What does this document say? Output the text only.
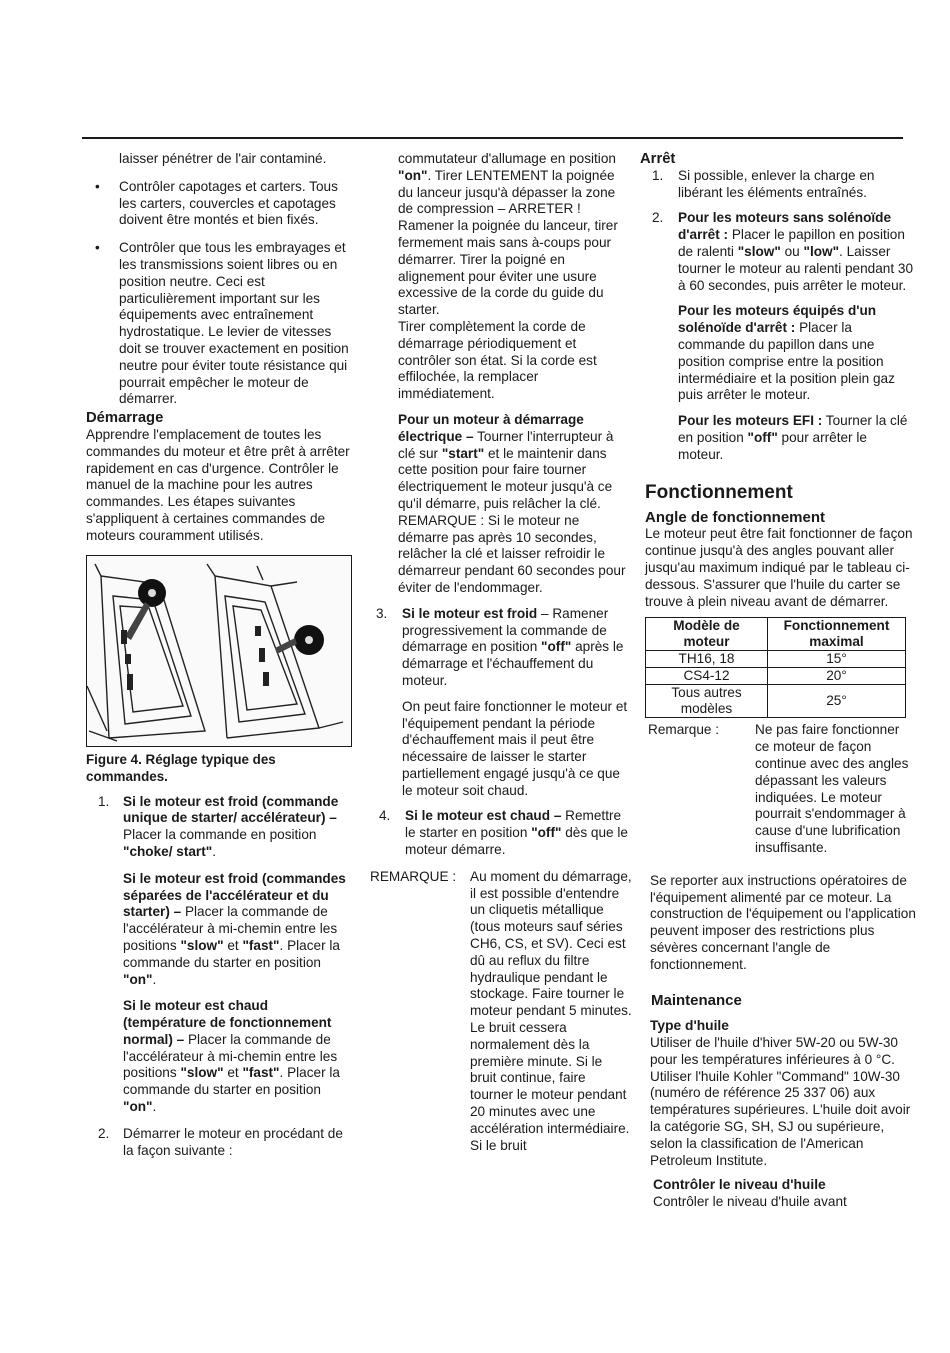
laisser pénétrer de l'air contaminé.

• Contrôler capotages et carters. Tous les carters, couvercles et capotages doivent être montés et bien fixés.
• Contrôler que tous les embrayages et les transmissions soient libres ou en position neutre. Ceci est particulièrement important sur les équipements avec entraînement hydrostatique. Le levier de vitesses doit se trouver exactement en position neutre pour éviter toute résistance qui pourrait empêcher le moteur de démarrer.

Démarrage

Apprendre l'emplacement de toutes les commandes du moteur et être prêt à arrêter rapidement en cas d'urgence. Contrôler le manuel de la machine pour les autres commandes. Les étapes suivantes s'appliquent à certaines commandes de moteurs couramment utilisés.

Figure 4. Réglage typique des commandes.

1. Si le moteur est froid (commande unique de starter/ accélérateur) – Placer la commande en position "choke/ start".

Si le moteur est froid (commandes séparées de l'accélérateur et du starter) – Placer la commande de l'accélérateur à mi-chemin entre les positions "slow" et "fast". Placer la commande du starter en position "on".

Si le moteur est chaud (température de fonctionnement normal) – Placer la commande de l'accélérateur à mi-chemin entre les positions "slow" et "fast". Placer la commande du starter en position "on".

2. Démarrer le moteur en procédant de la façon suivante :

commutateur d'allumage en position "on". Tirer LENTEMENT la poignée du lanceur jusqu'à dépasser la zone de compression – ARRETER ! Ramener la poignée du lanceur, tirer fermement mais sans à-coups pour démarrer. Tirer la poigné en alignement pour éviter une usure excessive de la corde du guide du starter.

Tirer complètement la corde de démarrage périodiquement et contrôler son état. Si la corde est effilochée, la remplacer immédiatement.

Pour un moteur à démarrage électrique – Tourner l'interrupteur à clé sur "start" et le maintenir dans cette position pour faire tourner électriquement le moteur jusqu'à ce qu'il démarre, puis relâcher la clé. REMARQUE : Si le moteur ne démarre pas après 10 secondes, relâcher la clé et laisser refroidir le démarreur pendant 60 secondes pour éviter de l'endommager.

3. Si le moteur est froid – Ramener progressivement la commande de démarrage en position "off" après le démarrage et l'échauffement du moteur.

On peut faire fonctionner le moteur et l'équipement pendant la période d'échauffement mais il peut être nécessaire de laisser le starter partiellement engagé jusqu'à ce que le moteur soit chaud.

4. Si le moteur est chaud – Remettre le starter en position "off" dès que le moteur démarre.

REMARQUE : Au moment du démarrage, il est possible d'entendre un cliquetis métallique (tous moteurs sauf séries CH6, CS, et SV). Ceci est dû au reflux du filtre hydraulique pendant le stockage. Faire tourner le moteur pendant 5 minutes. Le bruit cessera normalement dès la première minute. Si le bruit continue, faire tourner le moteur pendant 20 minutes avec une accélération intermédiaire. Si le bruit

Arrêt

1. Si possible, enlever la charge en libérant les éléments entraînés.

2. Pour les moteurs sans solénoïde d'arrêt : Placer le papillon en position de ralenti "slow" ou "low". Laisser tourner le moteur au ralenti pendant 30 à 60 secondes, puis arrêter le moteur.

Pour les moteurs équipés d'un solénoïde d'arrêt : Placer la commande du papillon dans une position comprise entre la position intermédiaire et la position plein gaz puis arrêter le moteur.

Pour les moteurs EFI : Tourner la clé en position "off" pour arrêter le moteur.

Fonctionnement

Angle de fonctionnement

Le moteur peut être fait fonctionner de façon continue jusqu'à des angles pouvant aller jusqu'au maximum indiqué par le tableau ci-dessous. S'assurer que l'huile du carter se trouve à plein niveau avant de démarrer.

Modèle de moteur	Fonctionnement maximal
TH16, 18	15°
CS4-12	20°
Tous autres modèles	25°
Remarque :	Ne pas faire fonctionner ce moteur de façon continue avec des angles dépassant les valeurs indiquées. Le moteur pourrait s'endommager à cause d'une lubrification insuffisante.

Se reporter aux instructions opératoires de l'équipement alimenté par ce moteur. La construction de l'équipement ou l'application peuvent imposer des restrictions plus sévères concernant l'angle de fonctionnement.

Maintenance

Type d'huile

Utiliser de l'huile d'hiver 5W-20 ou 5W-30 pour les températures inférieures à 0 °C. Utiliser l'huile Kohler "Command" 10W-30 (numéro de référence 25 337 06) aux températures supérieures. L'huile doit avoir la catégorie SG, SH, SJ ou supérieure, selon la classification de l'American Petroleum Institute.

Contrôler le niveau d'huile

Contrôler le niveau d'huile avant
